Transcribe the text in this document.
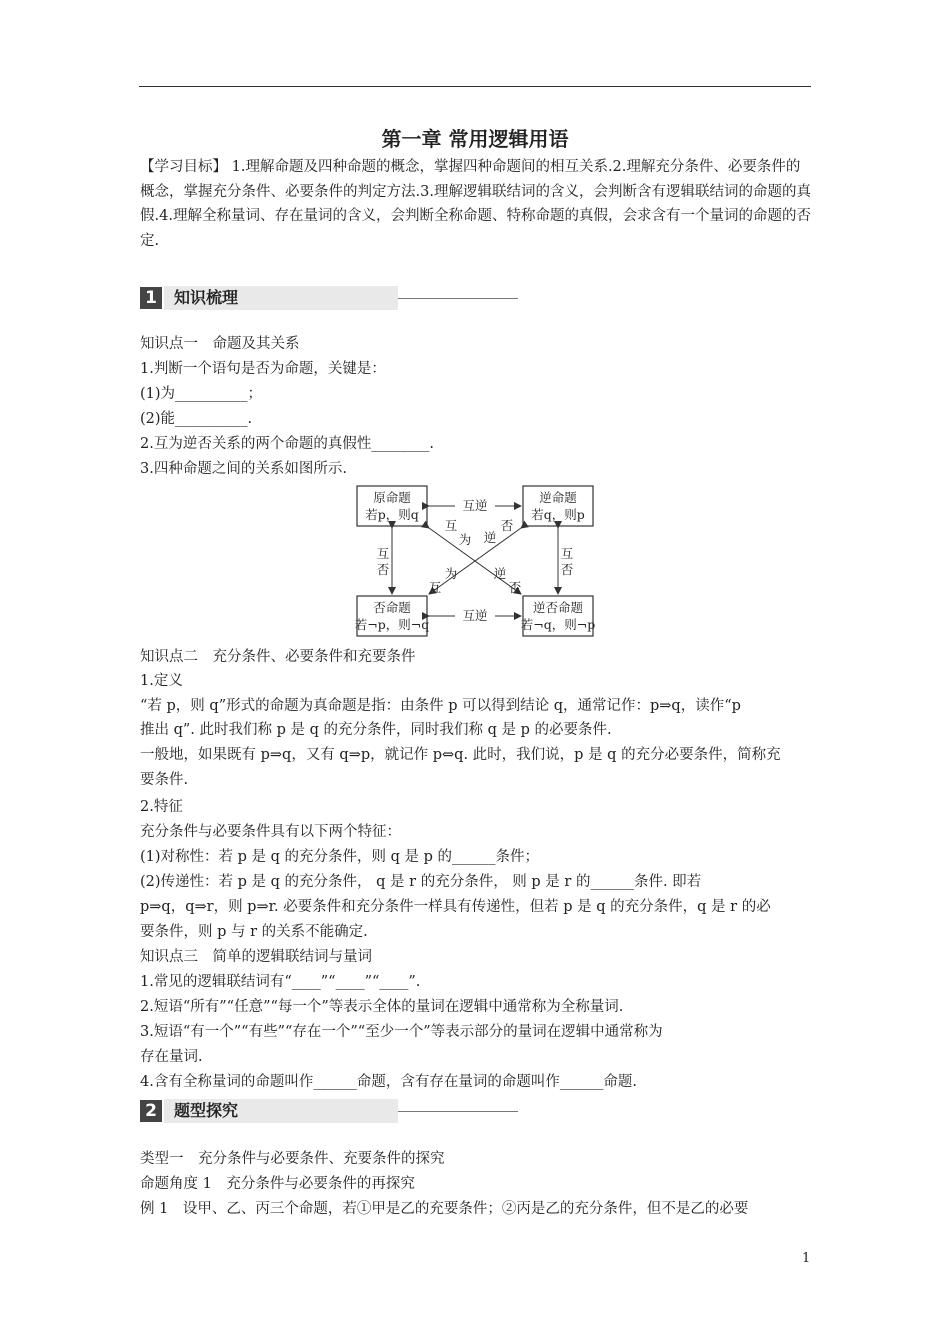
第一章 常用逻辑用语
【学习目标】 1.理解命题及四种命题的概念，掌握四种命题间的相互关系.2.理解充分条件、必要条件的概念，掌握充分条件、必要条件的判定方法.3.理解逻辑联结词的含义，会判断含有逻辑联结词的命题的真假.4.理解全称量词、存在量词的含义，会判断全称命题、特称命题的真假，会求含有一个量词的命题的否定.
1	知识梳理
知识点一　命题及其关系
1.判断一个语句是否为命题，关键是：
(1)为__________；
(2)能__________.
2.互为逆否关系的两个命题的真假性________.
3.四种命题之间的关系如图所示.
原命题
若p，则q
逆命题
若q，则p
否命题
若¬p，则¬q
逆否命题
若¬q，则¬p
互逆
互逆
互
否
互
否
互
为 逆
否
互
为	逆
否
知识点二　充分条件、必要条件和充要条件
1.定义
“若 p，则 q”形式的命题为真命题是指：由条件 p 可以得到结论 q，通常记作：p⇒q，读作“p
推出 q”. 此时我们称 p 是 q 的充分条件，同时我们称 q 是 p 的必要条件.
一般地，如果既有 p⇒q，又有 q⇒p，就记作 p⇔q. 此时，我们说，p 是 q 的充分必要条件，简称充
要条件.
2.特征
充分条件与必要条件具有以下两个特征：
(1)对称性：若 p 是 q 的充分条件，则 q 是 p 的______条件；
(2)传递性：若 p 是 q 的充分条件， q 是 r 的充分条件， 则 p 是 r 的______条件. 即若
p⇒q，q⇒r，则 p⇒r. 必要条件和充分条件一样具有传递性，但若 p 是 q 的充分条件，q 是 r 的必
要条件，则 p 与 r 的关系不能确定.
知识点三　简单的逻辑联结词与量词
1.常见的逻辑联结词有“____”“____”“____”.
2.短语“所有”“任意”“每一个”等表示全体的量词在逻辑中通常称为全称量词.
3.短语“有一个”“有些”“存在一个”“至少一个”等表示部分的量词在逻辑中通常称为
存在量词.
4.含有全称量词的命题叫作______命题，含有存在量词的命题叫作______命题.
2	题型探究
类型一　充分条件与必要条件、充要条件的探究
命题角度 1　充分条件与必要条件的再探究
例 1　设甲、乙、丙三个命题，若①甲是乙的充要条件；②丙是乙的充分条件，但不是乙的必要
1
